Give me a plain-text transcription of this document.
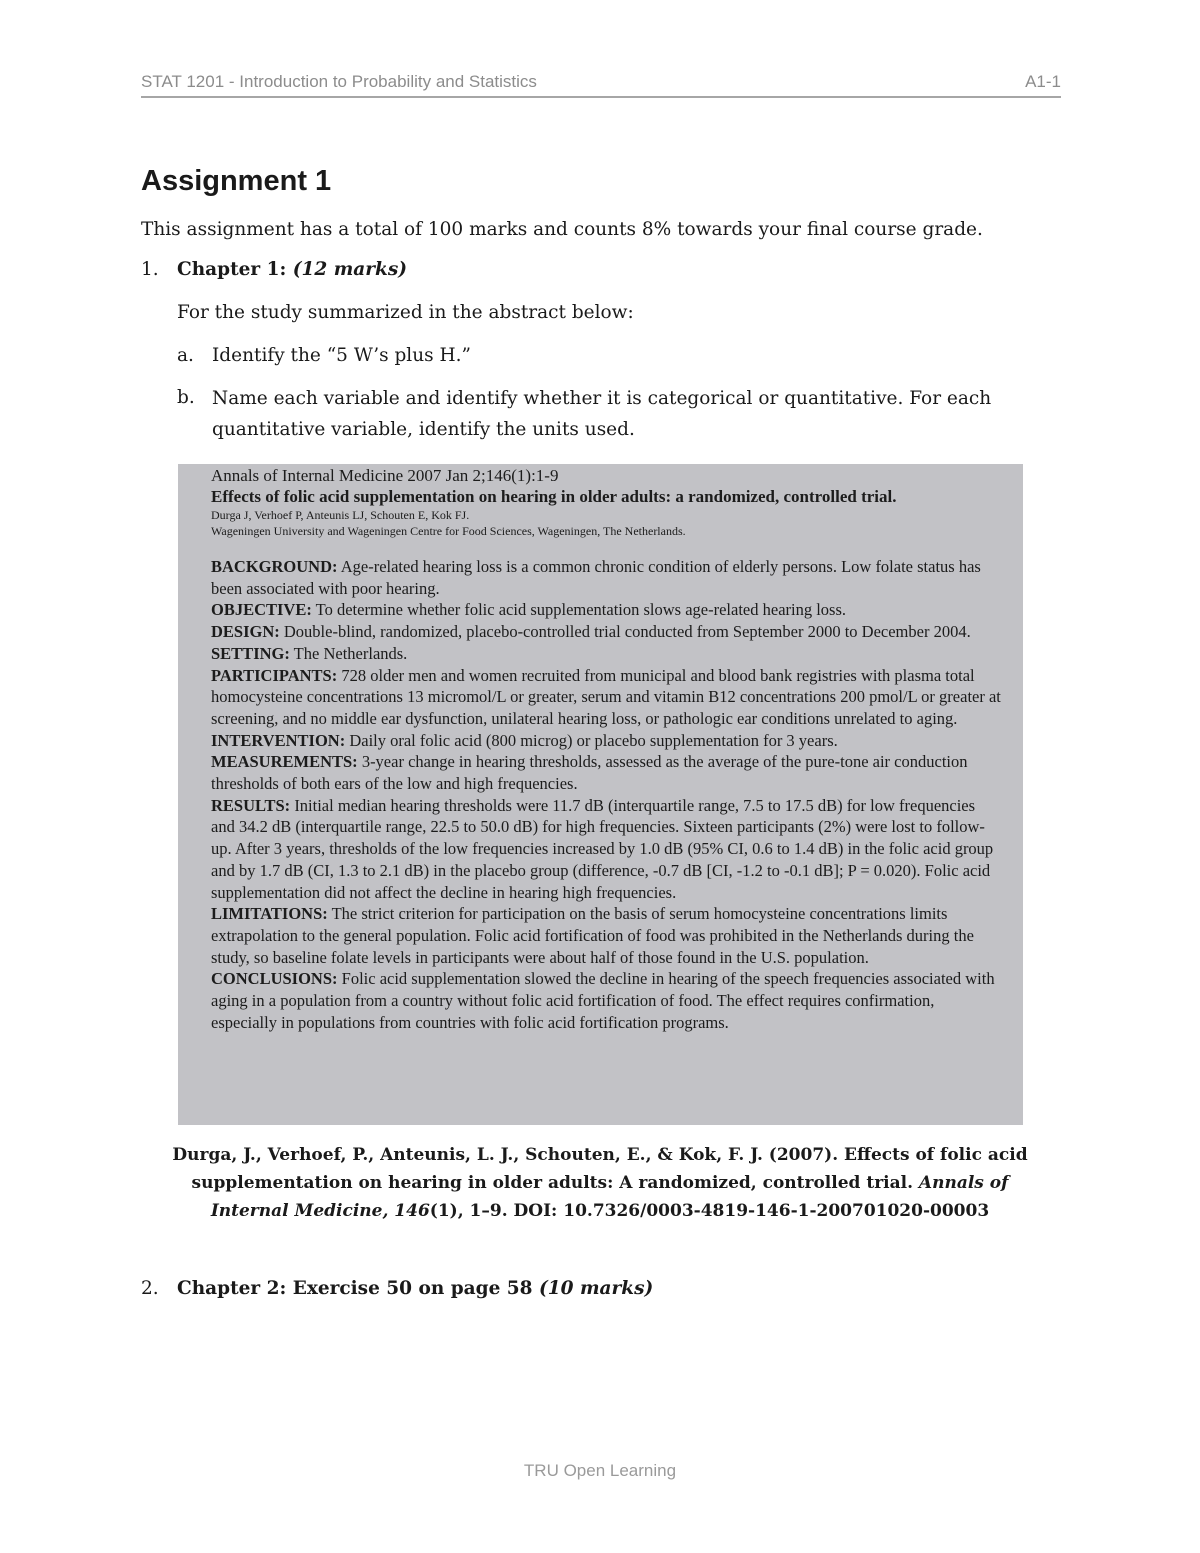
STAT 1201 - Introduction to Probability and Statistics	A1-1
Assignment 1
This assignment has a total of 100 marks and counts 8% towards your final course grade.
1. Chapter 1: (12 marks)
For the study summarized in the abstract below:
a. Identify the “5 W’s plus H.”
b. Name each variable and identify whether it is categorical or quantitative. For each quantitative variable, identify the units used.
Annals of Internal Medicine 2007 Jan 2;146(1):1-9
Effects of folic acid supplementation on hearing in older adults: a randomized, controlled trial.
Durga J, Verhoef P, Anteunis LJ, Schouten E, Kok FJ.
Wageningen University and Wageningen Centre for Food Sciences, Wageningen, The Netherlands.

BACKGROUND: Age-related hearing loss is a common chronic condition of elderly persons. Low folate status has been associated with poor hearing.

OBJECTIVE: To determine whether folic acid supplementation slows age-related hearing loss.

DESIGN: Double-blind, randomized, placebo-controlled trial conducted from September 2000 to December 2004.

SETTING: The Netherlands.

PARTICIPANTS: 728 older men and women recruited from municipal and blood bank registries with plasma total homocysteine concentrations 13 micromol/L or greater, serum and vitamin B12 concentrations 200 pmol/L or greater at screening, and no middle ear dysfunction, unilateral hearing loss, or pathologic ear conditions unrelated to aging.

INTERVENTION: Daily oral folic acid (800 microg) or placebo supplementation for 3 years.

MEASUREMENTS: 3-year change in hearing thresholds, assessed as the average of the pure-tone air conduction thresholds of both ears of the low and high frequencies.

RESULTS: Initial median hearing thresholds were 11.7 dB (interquartile range, 7.5 to 17.5 dB) for low frequencies and 34.2 dB (interquartile range, 22.5 to 50.0 dB) for high frequencies. Sixteen participants (2%) were lost to follow-up. After 3 years, thresholds of the low frequencies increased by 1.0 dB (95% CI, 0.6 to 1.4 dB) in the folic acid group and by 1.7 dB (CI, 1.3 to 2.1 dB) in the placebo group (difference, -0.7 dB [CI, -1.2 to -0.1 dB]; P = 0.020). Folic acid supplementation did not affect the decline in hearing high frequencies.

LIMITATIONS: The strict criterion for participation on the basis of serum homocysteine concentrations limits extrapolation to the general population. Folic acid fortification of food was prohibited in the Netherlands during the study, so baseline folate levels in participants were about half of those found in the U.S. population.

CONCLUSIONS: Folic acid supplementation slowed the decline in hearing of the speech frequencies associated with aging in a population from a country without folic acid fortification of food. The effect requires confirmation, especially in populations from countries with folic acid fortification programs.

Durga, J., Verhoef, P., Anteunis, L. J., Schouten, E., & Kok, F. J. (2007). Effects of folic acid supplementation on hearing in older adults: A randomized, controlled trial. Annals of Internal Medicine, 146(1), 1–9. DOI: 10.7326/0003-4819-146-1-200701020-00003
2. Chapter 2: Exercise 50 on page 58 (10 marks)
TRU Open Learning
